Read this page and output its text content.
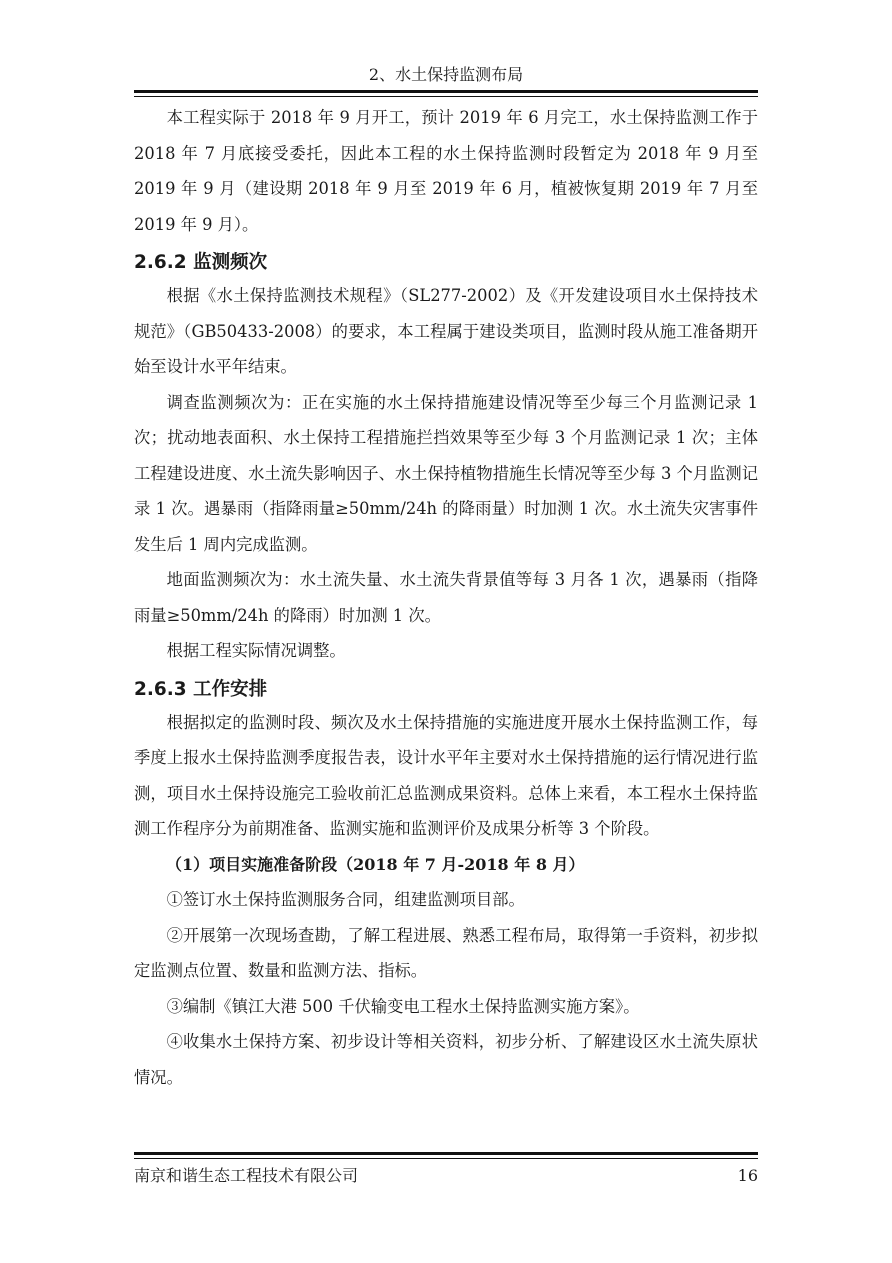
2、水土保持监测布局

本工程实际于 2018 年 9 月开工，预计 2019 年 6 月完工，水土保持监测工作于 2018 年 7 月底接受委托，因此本工程的水土保持监测时段暂定为 2018 年 9 月至 2019 年 9 月（建设期 2018 年 9 月至 2019 年 6 月，植被恢复期 2019 年 7 月至 2019 年 9 月）。

2.6.2 监测频次

根据《水土保持监测技术规程》（SL277-2002）及《开发建设项目水土保持技术规范》（GB50433-2008）的要求，本工程属于建设类项目，监测时段从施工准备期开始至设计水平年结束。

调查监测频次为：正在实施的水土保持措施建设情况等至少每三个月监测记录 1 次；扰动地表面积、水土保持工程措施拦挡效果等至少每 3 个月监测记录 1 次；主体工程建设进度、水土流失影响因子、水土保持植物措施生长情况等至少每 3 个月监测记录 1 次。遇暴雨（指降雨量≥50mm/24h 的降雨量）时加测 1 次。水土流失灾害事件发生后 1 周内完成监测。

地面监测频次为：水土流失量、水土流失背景值等每 3 月各 1 次，遇暴雨（指降雨量≥50mm/24h 的降雨）时加测 1 次。

根据工程实际情况调整。

2.6.3 工作安排

根据拟定的监测时段、频次及水土保持措施的实施进度开展水土保持监测工作，每季度上报水土保持监测季度报告表，设计水平年主要对水土保持措施的运行情况进行监测，项目水土保持设施完工验收前汇总监测成果资料。总体上来看，本工程水土保持监测工作程序分为前期准备、监测实施和监测评价及成果分析等 3 个阶段。

（1）项目实施准备阶段（2018 年 7 月-2018 年 8 月）

①签订水土保持监测服务合同，组建监测项目部。

②开展第一次现场查勘，了解工程进展、熟悉工程布局，取得第一手资料，初步拟定监测点位置、数量和监测方法、指标。

③编制《镇江大港 500 千伏输变电工程水土保持监测实施方案》。

④收集水土保持方案、初步设计等相关资料，初步分析、了解建设区水土流失原状情况。

南京和谐生态工程技术有限公司	16
